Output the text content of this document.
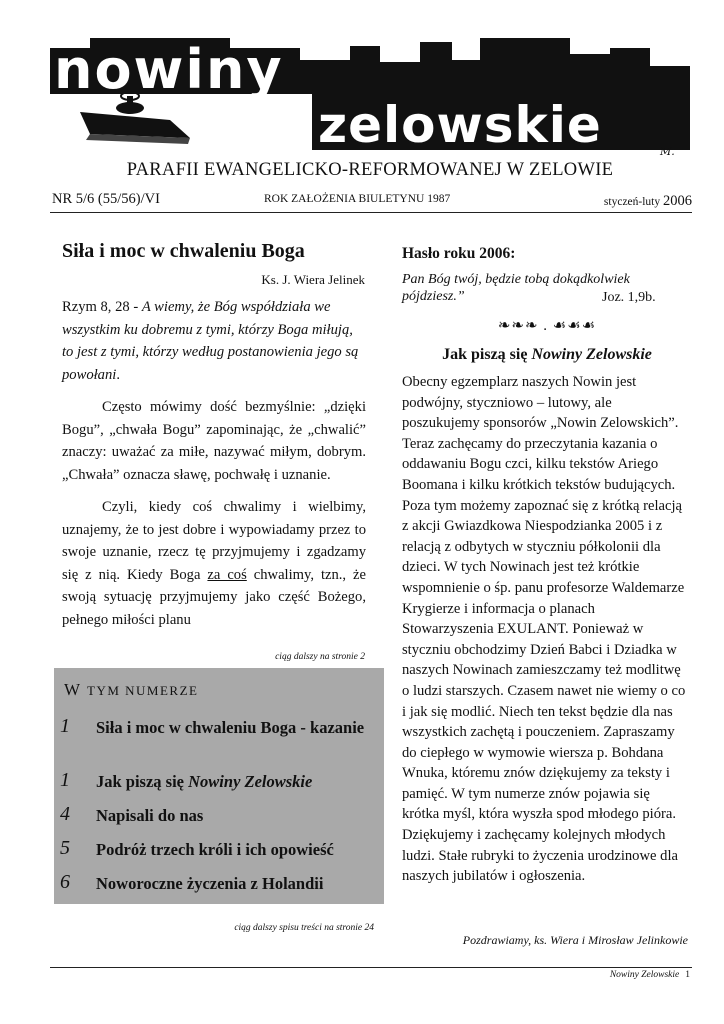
nowiny
zelowskie	M.
PARAFII EWANGELICKO-REFORMOWANEJ W ZELOWIE
NR 5/6 (55/56)/VI	ROK ZAŁOŻENIA BIULETYNU 1987	styczeń-luty 2006
Siła i moc w chwaleniu Boga
Ks. J. Wiera Jelinek

Rzym 8, 28 - A wiemy, że Bóg współdziała we wszystkim ku dobremu z tymi, którzy Boga miłują, to jest z tymi, którzy według postanowienia jego są powołani.

Często mówimy dość bezmyślnie: „dzięki Bogu”, „chwała Bogu” zapominając, że „chwalić” znaczy: uważać za miłe, nazywać miłym, dobrym. „Chwała” oznacza sławę, pochwałę i uznanie.

Czyli, kiedy coś chwalimy i wielbimy, uznajemy, że to jest dobre i wypowiadamy przez to swoje uznanie, rzecz tę przyjmujemy i zgadzamy się z nią. Kiedy Boga za coś chwalimy, tzn., że swoją sytuację przyjmujemy jako część Bożego, pełnego miłości planu

ciąg dalszy na stronie 2
W TYM NUMERZE
1 Siła i moc w chwaleniu Boga - kazanie
1 Jak piszą się Nowiny Zelowskie
4 Napisali do nas
5 Podróż trzech króli i ich opowieść
6 Noworoczne życzenia z Holandii
ciąg dalszy spisu treści na stronie 24
Hasło roku 2006:
Pan Bóg twój, będzie tobą dokądkolwiek pójdziesz.”	Joz. 1,9b.
❧❧❧ . ☙☙☙
Jak piszą się Nowiny Zelowskie
Obecny egzemplarz naszych Nowin jest podwójny, styczniowo – lutowy, ale poszukujemy sponsorów „Nowin Zelowskich”. Teraz zachęcamy do przeczytania kazania o oddawaniu Bogu czci, kilku tekstów Ariego Boomana i kilku krótkich tekstów budujących. Poza tym możemy zapoznać się z krótką relacją z akcji Gwiazdkowa Niespodzianka 2005 i z relacją z odbytych w styczniu półkolonii dla dzieci. W tych Nowinach jest też krótkie wspomnienie o śp. panu profesorze Waldemarze Krygierze i informacja o planach Stowarzyszenia EXULANT. Ponieważ w styczniu obchodzimy Dzień Babci i Dziadka w naszych Nowinach zamieszczamy też modlitwę o ludzi starszych. Czasem nawet nie wiemy o co i jak się modlić. Niech ten tekst będzie dla nas wszystkich zachętą i pouczeniem. Zapraszamy do ciepłego w wymowie wiersza p. Bohdana Wnuka, któremu znów dziękujemy za teksty i pamięć. W tym numerze znów pojawia się krótka myśl, która wyszła spod młodego pióra. Dziękujemy i zachęcamy kolejnych młodych ludzi. Stałe rubryki to życzenia urodzinowe dla naszych jubilatów i ogłoszenia.
Pozdrawiamy, ks. Wiera i Mirosław Jelinkowie
Nowiny Zelowskie 1
